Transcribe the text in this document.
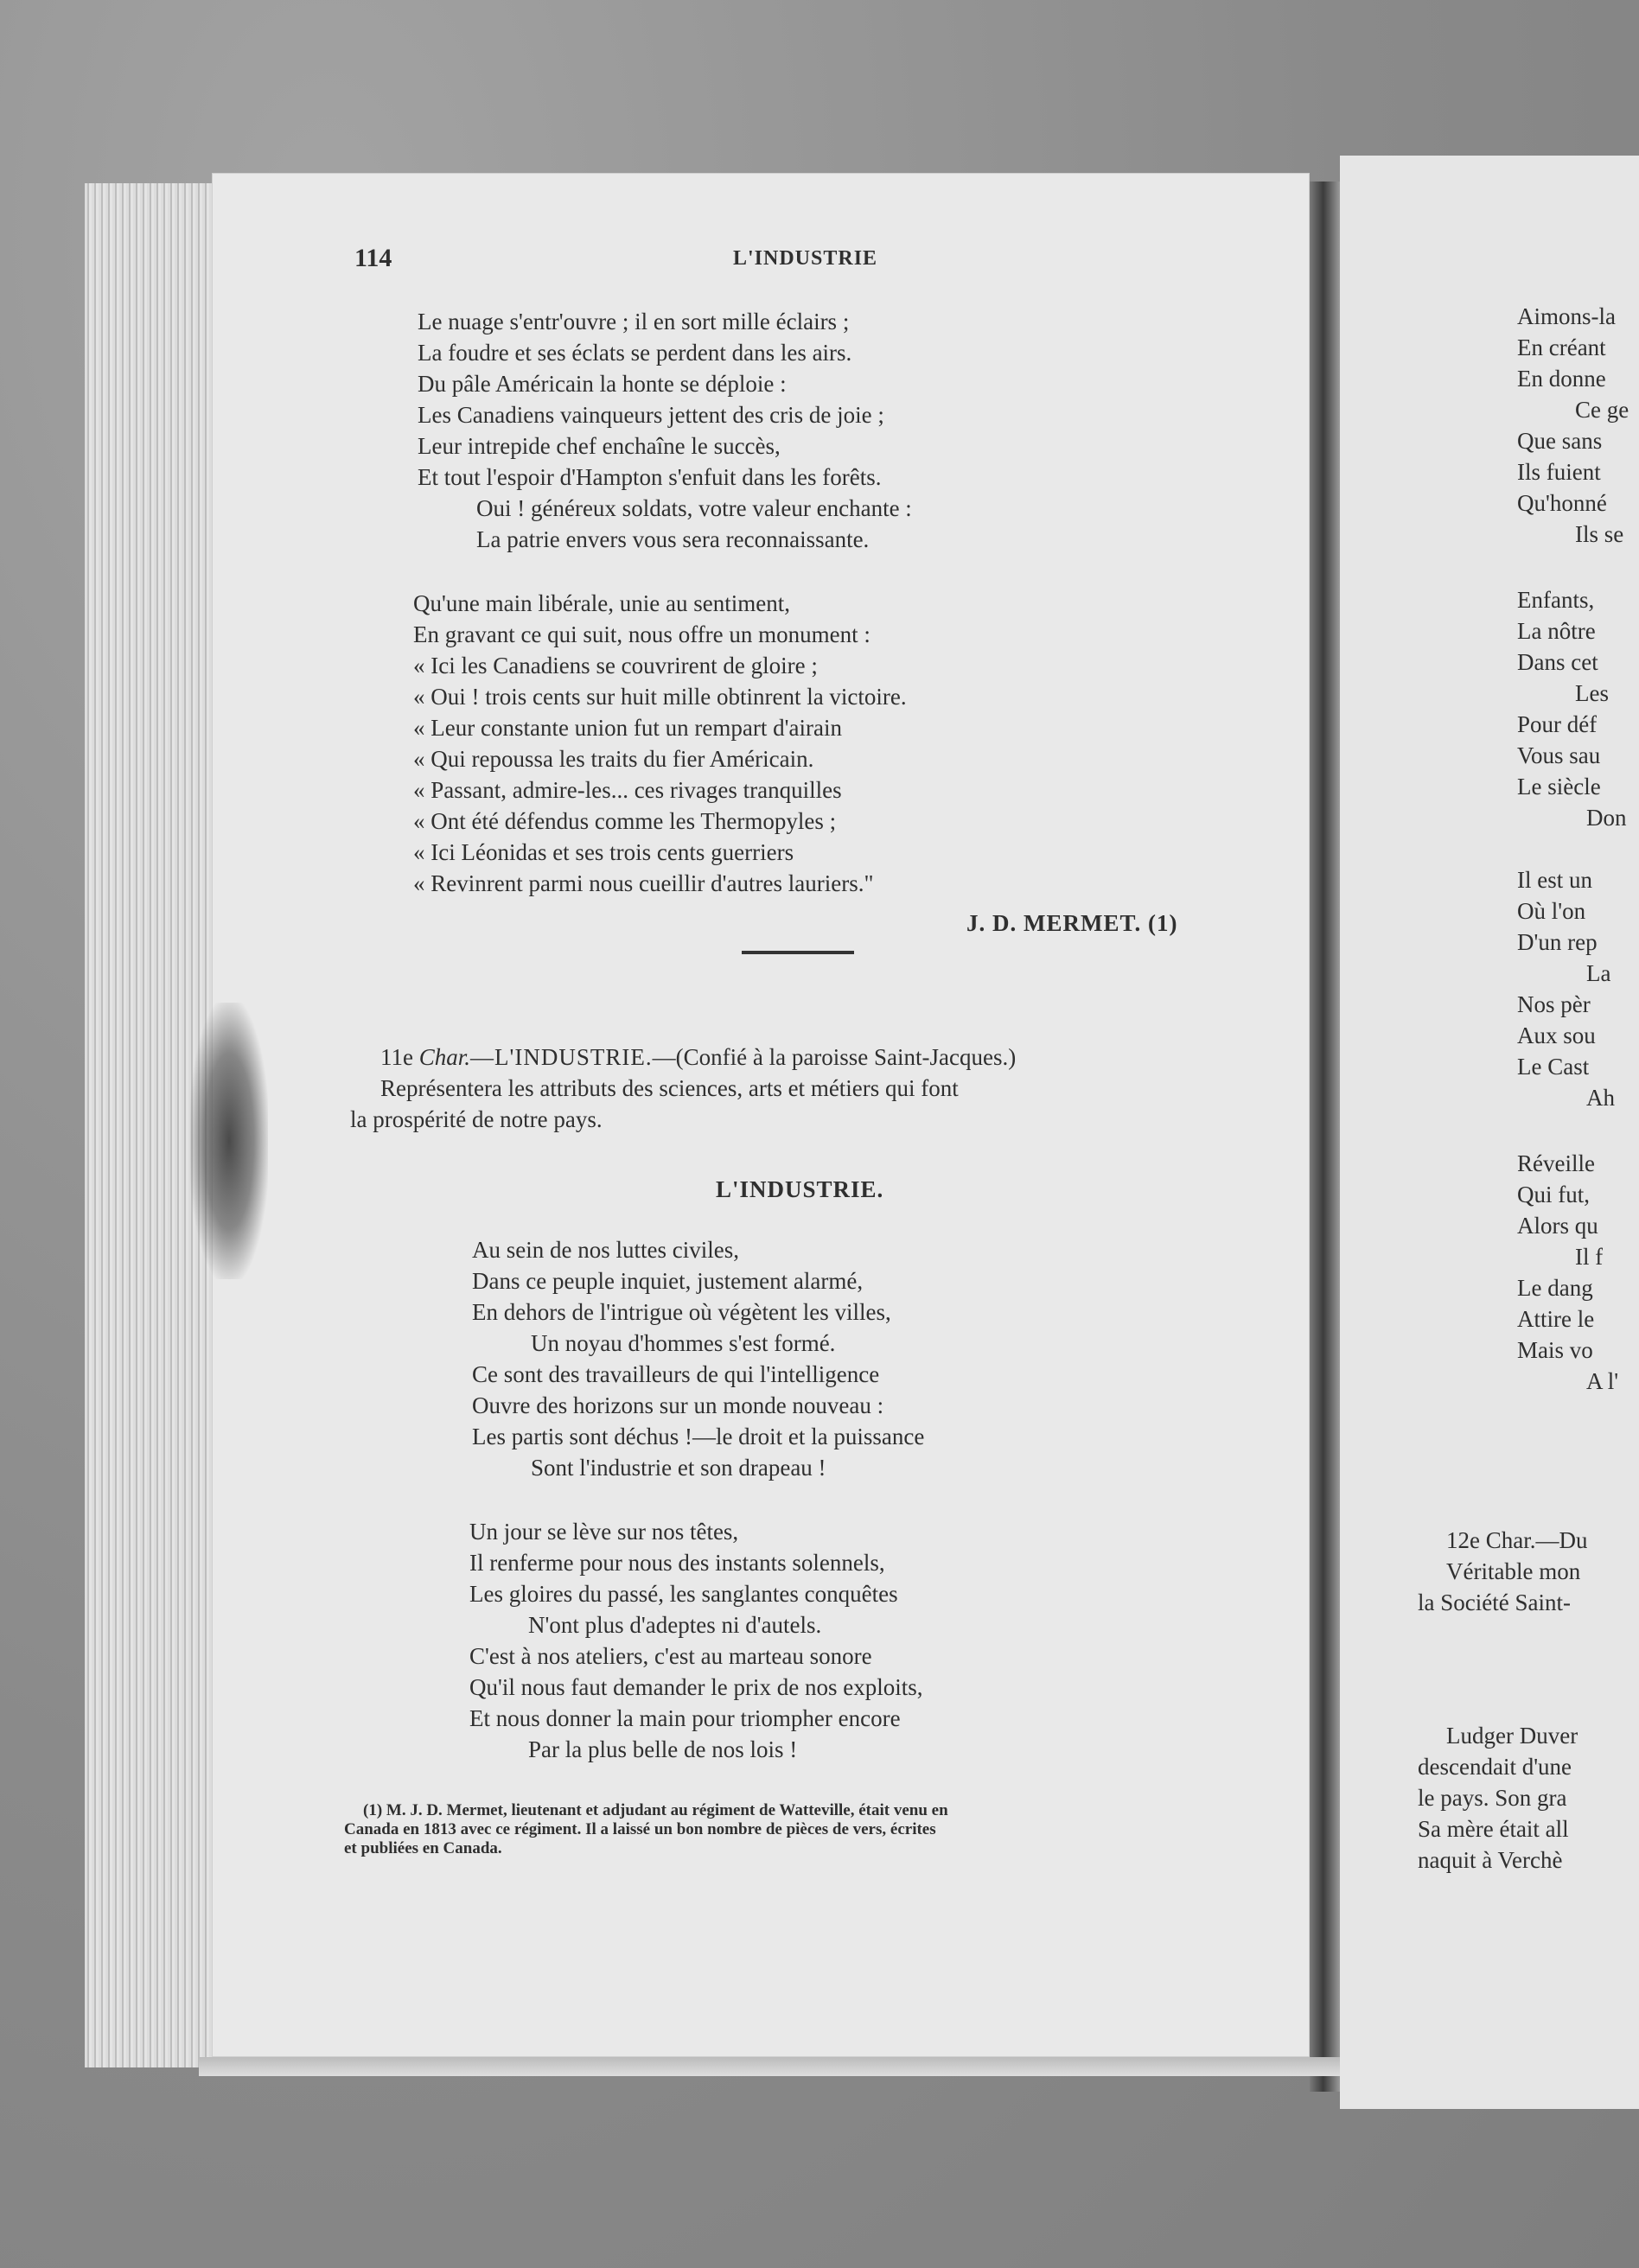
114	L'INDUSTRIE
Le nuage s'entr'ouvre ; il en sort mille éclairs ;
La foudre et ses éclats se perdent dans les airs.
Du pâle Américain la honte se déploie :
Les Canadiens vainqueurs jettent des cris de joie ;
Leur intrepide chef enchaîne le succès,
Et tout l'espoir d'Hampton s'enfuit dans les forêts.
Oui ! généreux soldats, votre valeur enchante :
La patrie envers vous sera reconnaissante.
Qu'une main libérale, unie au sentiment,
En gravant ce qui suit, nous offre un monument :
« Ici les Canadiens se couvrirent de gloire ;
« Oui ! trois cents sur huit mille obtinrent la victoire.
« Leur constante union fut un rempart d'airain
« Qui repoussa les traits du fier Américain.
« Passant, admire-les... ces rivages tranquilles
« Ont été défendus comme les Thermopyles ;
« Ici Léonidas et ses trois cents guerriers
« Revinrent parmi nous cueillir d'autres lauriers."
J. D. MERMET. (1)
11e Char.—L'INDUSTRIE.—(Confié à la paroisse Saint-Jacques.)
Représentera les attributs des sciences, arts et métiers qui font
la prospérité de notre pays.
L'INDUSTRIE.
Au sein de nos luttes civiles,
Dans ce peuple inquiet, justement alarmé,
En dehors de l'intrigue où végètent les villes,
Un noyau d'hommes s'est formé.
Ce sont des travailleurs de qui l'intelligence
Ouvre des horizons sur un monde nouveau :
Les partis sont déchus !—le droit et la puissance
Sont l'industrie et son drapeau !
Un jour se lève sur nos têtes,
Il renferme pour nous des instants solennels,
Les gloires du passé, les sanglantes conquêtes
N'ont plus d'adeptes ni d'autels.
C'est à nos ateliers, c'est au marteau sonore
Qu'il nous faut demander le prix de nos exploits,
Et nous donner la main pour triompher encore
Par la plus belle de nos lois !
(1) M. J. D. Mermet, lieutenant et adjudant au régiment de Watteville, était venu en
Canada en 1813 avec ce régiment. Il a laissé un bon nombre de pièces de vers, écrites
et publiées en Canada.
Aimons-la
En créant
En donne
Ce ge
Que sans
Ils fuient
Qu'honné
Ils se
Enfants,
La nôtre
Dans cet
Les
Pour déf
Vous sau
Le siècle
Don
Il est un
Où l'on
D'un rep
La
Nos pèr
Aux sou
Le Cast
Ah
Réveille
Qui fut,
Alors qu
Il f
Le dang
Attire le
Mais vo
A l'
12e Char.—Du
Véritable mon
la Société Saint-
Ludger Duver
descendait d'une
le pays. Son gra
Sa mère était all
naquit à Verchè
